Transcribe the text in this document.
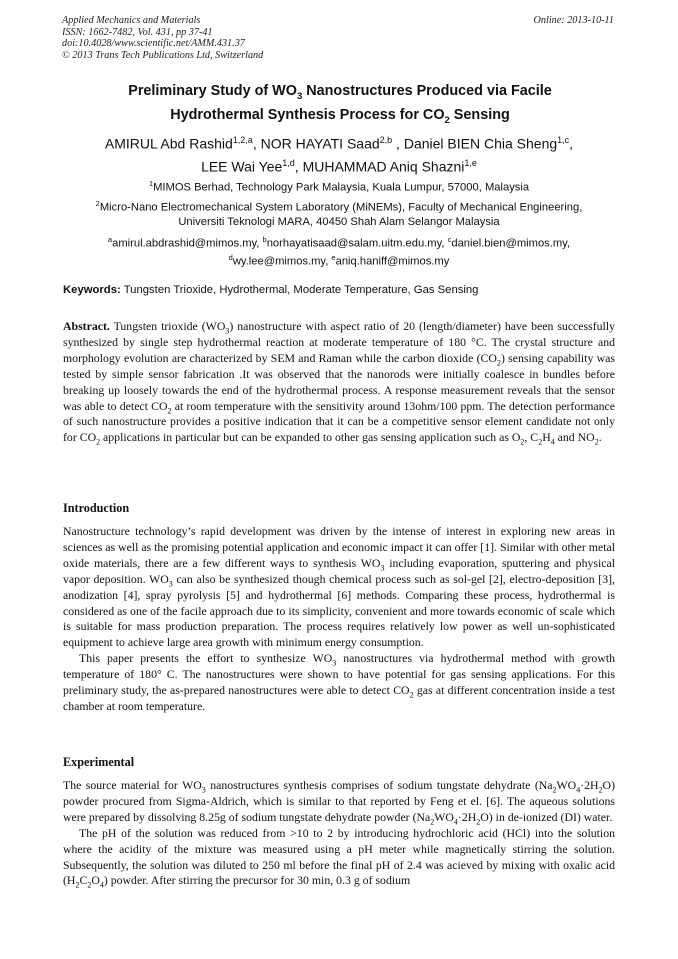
Applied Mechanics and Materials
ISSN: 1662-7482, Vol. 431, pp 37-41
doi:10.4028/www.scientific.net/AMM.431.37
© 2013 Trans Tech Publications Ltd, Switzerland
Online: 2013-10-11
Preliminary Study of $WO_3$ Nanostructures Produced via Facile
Hydrothermal Synthesis Process for $CO_2$ Sensing
AMIRUL Abd Rashid$^{1,2,a}$, NOR HAYATI Saad$^{2,b}$ , Daniel BIEN Chia Sheng$^{1,c}$,
LEE Wai Yee$^{1,d}$, MUHAMMAD Aniq Shazni$^{1,e}$
$^1$MIMOS Berhad, Technology Park Malaysia, Kuala Lumpur, 57000, Malaysia
$^2$Micro-Nano Electromechanical System Laboratory (MiNEMs), Faculty of Mechanical Engineering,
Universiti Teknologi MARA, 40450 Shah Alam Selangor Malaysia
$^a$amirul.abdrashid@mimos.my, $^b$norhayatisaad@salam.uitm.edu.my, $^c$daniel.bien@mimos.my,
$^d$wy.lee@mimos.my, $^e$aniq.haniff@mimos.my
Keywords: Tungsten Trioxide, Hydrothermal, Moderate Temperature, Gas Sensing

Abstract. Tungsten trioxide $(WO_3)$ nanostructure with aspect ratio of 20 (length/diameter) have been successfully synthesized by single step hydrothermal reaction at moderate temperature of 180 °C. The crystal structure and morphology evolution are characterized by SEM and Raman while the carbon dioxide $(CO_2)$ sensing capability was tested by simple sensor fabrication .It was observed that the nanorods were initially coalesce in bundles before breaking up loosely towards the end of the hydrothermal process. A response measurement reveals that the sensor was able to detect $CO_2$ at room temperature with the sensitivity around 13ohm/100 ppm. The detection performance of such nanostructure provides a positive indication that it can be a competitive sensor element candidate not only for $CO_2$ applications in particular but can be expanded to other gas sensing application such as $O_2$, $C_2H_4$ and $NO_2$.

Introduction

Nanostructure technology’s rapid development was driven by the intense of interest in exploring new areas in sciences as well as the promising potential application and economic impact it can offer [1]. Similar with other metal oxide materials, there are a few different ways to synthesis $WO_3$ including evaporation, sputtering and physical vapor deposition. $WO_3$ can also be synthesized though chemical process such as sol-gel [2], electro-deposition [3], anodization [4], spray pyrolysis [5] and hydrothermal [6] methods. Comparing these process, hydrothermal is considered as one of the facile approach due to its simplicity, convenient and more towards economic of scale which is suitable for mass production preparation. The process requires relatively low power as well un-sophisticated equipment to achieve large area growth with minimum energy consumption.

This paper presents the effort to synthesize $WO_3$ nanostructures via hydrothermal method with growth temperature of 180° C. The nanostructures were shown to have potential for gas sensing applications. For this preliminary study, the as-prepared nanostructures were able to detect $CO_2$ gas at different concentration inside a test chamber at room temperature.

Experimental

The source material for $WO_3$ nanostructures synthesis comprises of sodium tungstate dehydrate $(Na_2WO_4\cdot 2H_2O)$ powder procured from Sigma-Aldrich, which is similar to that reported by Feng et el. [6]. The aqueous solutions were prepared by dissolving 8.25g of sodium tungstate dehydrate powder $(Na_2WO_4\cdot 2H_2O)$ in de-ionized (DI) water.

The pH of the solution was reduced from >10 to 2 by introducing hydrochloric acid (HCl) into the solution where the acidity of the mixture was measured using a pH meter while magnetically stirring the solution. Subsequently, the solution was diluted to 250 ml before the final pH of 2.4 was acieved by mixing with oxalic acid $(H_2C_2O_4)$ powder. After stirring the precursor for 30 min, 0.3 g of sodium
